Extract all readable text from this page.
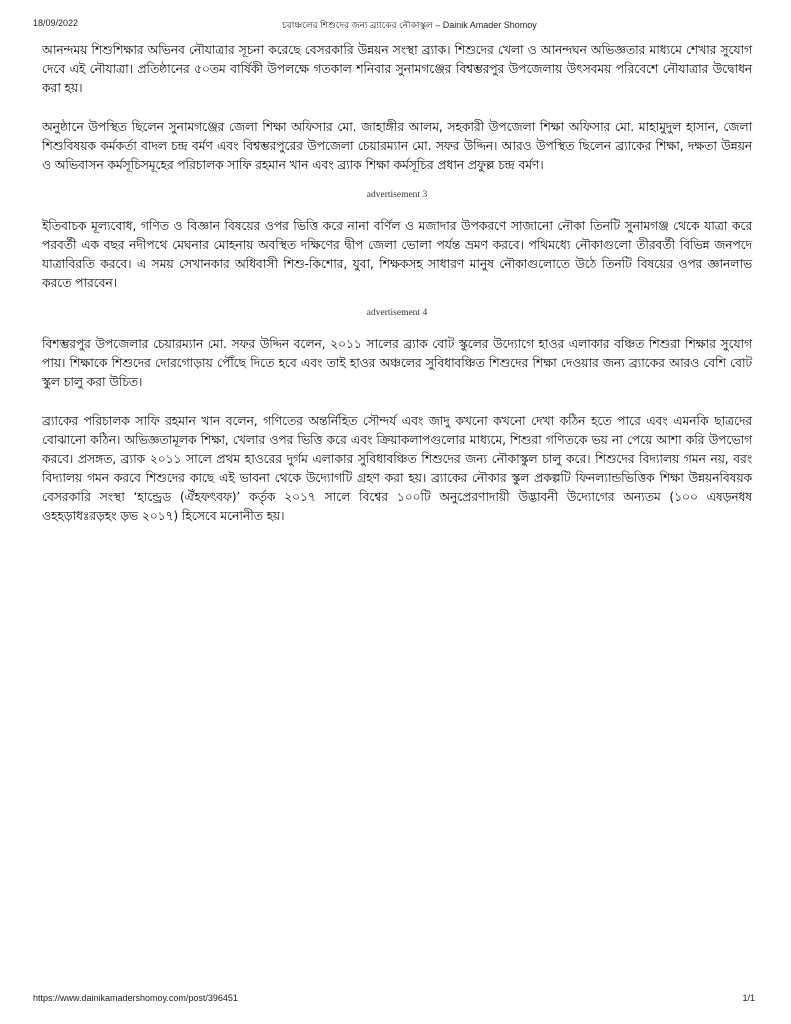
18/09/2022	চরাঞ্চলের শিশুদের জন্য ব্র্যাকের নৌকাস্কুল – Dainik Amader Shomoy

আনন্দময় শিশুশিক্ষার অভিনব নৌযাত্রার সূচনা করেছে বেসরকারি উন্নয়ন সংস্থা ব্র্যাক। শিশুদের খেলা ও আনন্দঘন অভিজ্ঞতার মাধ্যমে শেখার সুযোগ দেবে এই নৌযাত্রা। প্রতিষ্ঠানের ৫০তম বার্ষিকী উপলক্ষে গতকাল শনিবার সুনামগঞ্জের বিশ্বম্ভরপুর উপজেলায় উৎসবময় পরিবেশে নৌযাত্রার উদ্বোধন করা হয়।

অনুষ্ঠানে উপস্থিত ছিলেন সুনামগঞ্জের জেলা শিক্ষা অফিসার মো. জাহাঙ্গীর আলম, সহকারী উপজেলা শিক্ষা অফিসার মো. মাহামুদুল হাসান, জেলা শিশুবিষয়ক কর্মকর্তা বাদল চন্দ্র বর্মণ এবং বিশ্বম্ভরপুরের উপজেলা চেয়ারম্যান মো. সফর উদ্দিন। আরও উপস্থিত ছিলেন ব্র্যাকের শিক্ষা, দক্ষতা উন্নয়ন ও অভিবাসন কর্মসূচিসমূহের পরিচালক সাফি রহমান খান এবং ব্র্যাক শিক্ষা কর্মসূচির প্রধান প্রফুল্ল চন্দ্র বর্মণ।

advertisement 3

ইতিবাচক মূল্যবোধ, গণিত ও বিজ্ঞান বিষয়ের ওপর ভিত্তি করে নানা বর্ণিল ও মজাদার উপকরণে সাজানো নৌকা তিনটি সুনামগঞ্জ থেকে যাত্রা করে পরবর্তী এক বছর নদীপথে মেঘনার মোহনায় অবস্থিত দক্ষিণের দ্বীপ জেলা ভোলা পর্যন্ত ভ্রমণ করবে। পথিমধ্যে নৌকাগুলো তীরবর্তী বিভিন্ন জনপদে যাত্রাবিরতি করবে। এ সময় সেখানকার অধিবাসী শিশু-কিশোর, যুবা, শিক্ষকসহ সাধারণ মানুষ নৌকাগুলোতে উঠে তিনটি বিষয়ের ওপর জ্ঞানলাভ করতে পারবেন।

advertisement 4

বিশম্ভরপুর উপজেলার চেয়ারম্যান মো. সফর উদ্দিন বলেন, ২০১১ সালের ব্র্যাক বোট স্কুলের উদ্যোগে হাওর এলাকার বঞ্চিত শিশুরা শিক্ষার সুযোগ পায়। শিক্ষাকে শিশুদের দোরগোড়ায় পৌঁছে দিতে হবে এবং তাই হাওর অঞ্চলের সুবিধাবঞ্চিত শিশুদের শিক্ষা দেওয়ার জন্য ব্র্যাকের আরও বেশি বোট স্কুল চালু করা উচিত।

ব্র্যাকের পরিচালক সাফি রহমান খান বলেন, গণিতের অন্তর্নিহিত সৌন্দর্য এবং জাদু কখনো কখনো দেখা কঠিন হতে পারে এবং এমনকি ছাত্রদের বোঝানো কঠিন। অভিজ্ঞতামূলক শিক্ষা, খেলার ওপর ভিত্তি করে এবং ক্রিয়াকলাপগুলোর মাধ্যমে, শিশুরা গণিতকে ভয় না পেয়ে আশা করি উপভোগ করবে। প্রসঙ্গত, ব্র্যাক ২০১১ সালে প্রথম হাওরের দুর্গম এলাকার সুবিধাবঞ্চিত শিশুদের জন্য নৌকাস্কুল চালু করে। শিশুদের বিদ্যালয় গমন নয়, বরং বিদ্যালয় গমন করবে শিশুদের কাছে এই ভাবনা থেকে উদ্যোগটি গ্রহণ করা হয়। ব্র্যাকের নৌকার স্কুল প্রকল্পটি ফিনল্যান্ডভিত্তিক শিক্ষা উন্নয়নবিষয়ক বেসরকারি সংস্থা ‘হান্ড্রেড (ঐঁহফৎবফ)’ কর্তৃক ২০১৭ সালে বিশ্বের ১০০টি অনুপ্রেরণাদায়ী উদ্ভাবনী উদ্যোগের অন্যতম (১০০ এষড়নধষ ওহহড়াধঃরড়হং ড়ভ ২০১৭) হিসেবে মনোনীত হয়।

https://www.dainikamadershomoy.com/post/396451	1/1
